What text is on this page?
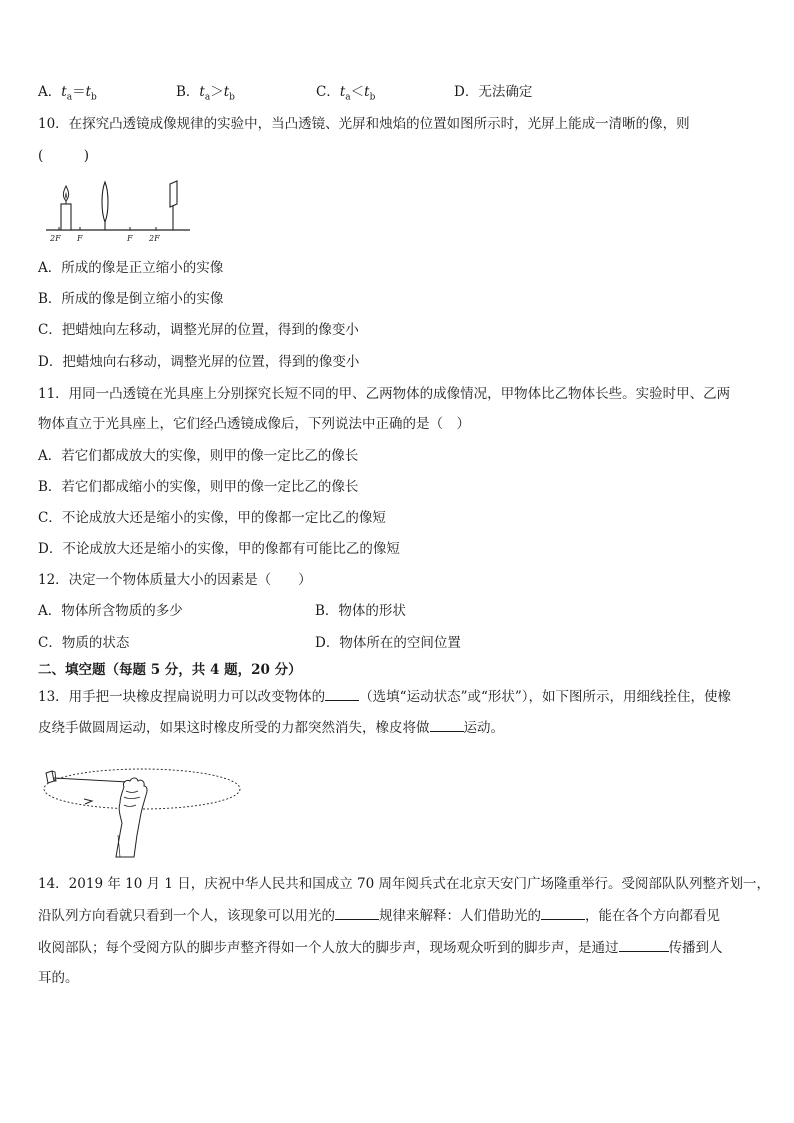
A．$t_a=t_b$	B．$t_a>t_b$	C．$t_a<t_b$	D．无法确定
10．在探究凸透镜成像规律的实验中，当凸透镜、光屏和烛焰的位置如图所示时，光屏上能成一清晰的像，则
(　　　)
2F F	F 2F
A．所成的像是正立缩小的实像
B．所成的像是倒立缩小的实像
C．把蜡烛向左移动，调整光屏的位置，得到的像变小
D．把蜡烛向右移动，调整光屏的位置，得到的像变小
11．用同一凸透镜在光具座上分别探究长短不同的甲、乙两物体的成像情况，甲物体比乙物体长些。实验时甲、乙两
物体直立于光具座上，它们经凸透镜成像后，下列说法中正确的是（　）
A．若它们都成放大的实像，则甲的像一定比乙的像长
B．若它们都成缩小的实像，则甲的像一定比乙的像长
C．不论成放大还是缩小的实像，甲的像都一定比乙的像短
D．不论成放大还是缩小的实像，甲的像都有可能比乙的像短
12．决定一个物体质量大小的因素是（　　）
A．物体所含物质的多少	B．物体的形状
C．物质的状态	D．物体所在的空间位置
二、填空题（每题 5 分，共 4 题，20 分）
13．用手把一块橡皮捏扁说明力可以改变物体的	（选填“运动状态”或“形状”），如下图所示，用细线拴住，使橡
皮绕手做圆周运动，如果这时橡皮所受的力都突然消失，橡皮将做	运动。
14．2019 年 10 月 1 日，庆祝中华人民共和国成立 70 周年阅兵式在北京天安门广场隆重举行。受阅部队队列整齐划一，
沿队列方向看就只看到一个人，该现象可以用光的	规律来解释：人们借助光的	，能在各个方向都看见
收阅部队；每个受阅方队的脚步声整齐得如一个人放大的脚步声，现场观众听到的脚步声，是通过	传播到人
耳的。
